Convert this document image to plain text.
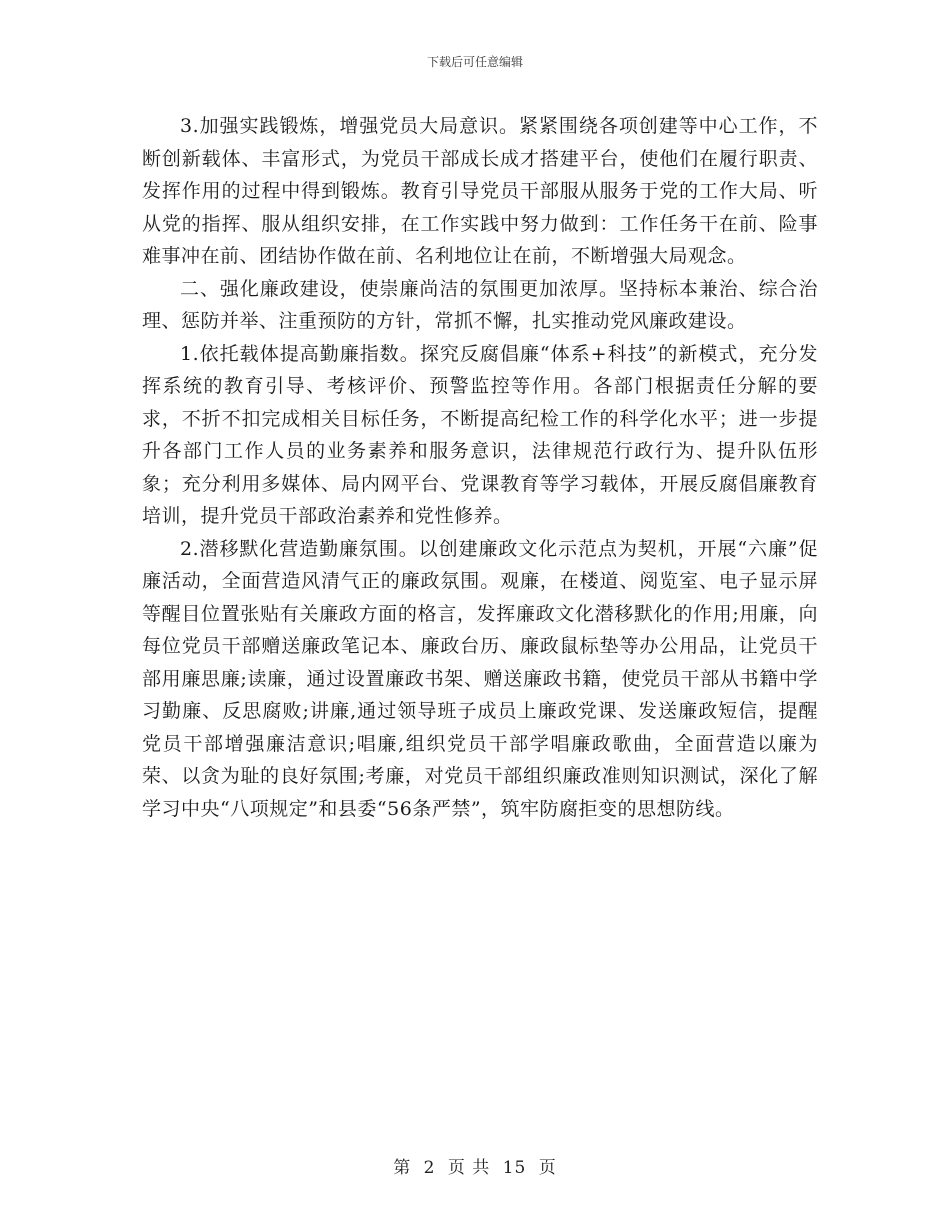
下载后可任意编辑

3.加强实践锻炼，增强党员大局意识。紧紧围绕各项创建等中心工作，不断创新载体、丰富形式，为党员干部成长成才搭建平台，使他们在履行职责、发挥作用的过程中得到锻炼。教育引导党员干部服从服务于党的工作大局、听从党的指挥、服从组织安排，在工作实践中努力做到：工作任务干在前、险事难事冲在前、团结协作做在前、名利地位让在前，不断增强大局观念。

二、强化廉政建设，使崇廉尚洁的氛围更加浓厚。坚持标本兼治、综合治理、惩防并举、注重预防的方针，常抓不懈，扎实推动党风廉政建设。

1.依托载体提高勤廉指数。探究反腐倡廉“体系+科技”的新模式，充分发挥系统的教育引导、考核评价、预警监控等作用。各部门根据责任分解的要求，不折不扣完成相关目标任务，不断提高纪检工作的科学化水平；进一步提升各部门工作人员的业务素养和服务意识，法律规范行政行为、提升队伍形象；充分利用多媒体、局内网平台、党课教育等学习载体，开展反腐倡廉教育培训，提升党员干部政治素养和党性修养。

2.潜移默化营造勤廉氛围。以创建廉政文化示范点为契机，开展“六廉”促廉活动，全面营造风清气正的廉政氛围。观廉，在楼道、阅览室、电子显示屏等醒目位置张贴有关廉政方面的格言，发挥廉政文化潜移默化的作用;用廉，向每位党员干部赠送廉政笔记本、廉政台历、廉政鼠标垫等办公用品，让党员干部用廉思廉;读廉，通过设置廉政书架、赠送廉政书籍，使党员干部从书籍中学习勤廉、反思腐败;讲廉,通过领导班子成员上廉政党课、发送廉政短信，提醒党员干部增强廉洁意识;唱廉,组织党员干部学唱廉政歌曲，全面营造以廉为荣、以贪为耻的良好氛围;考廉，对党员干部组织廉政准则知识测试，深化了解学习中央“八项规定”和县委“56条严禁”，筑牢防腐拒变的思想防线。

第 2 页 共 15 页
